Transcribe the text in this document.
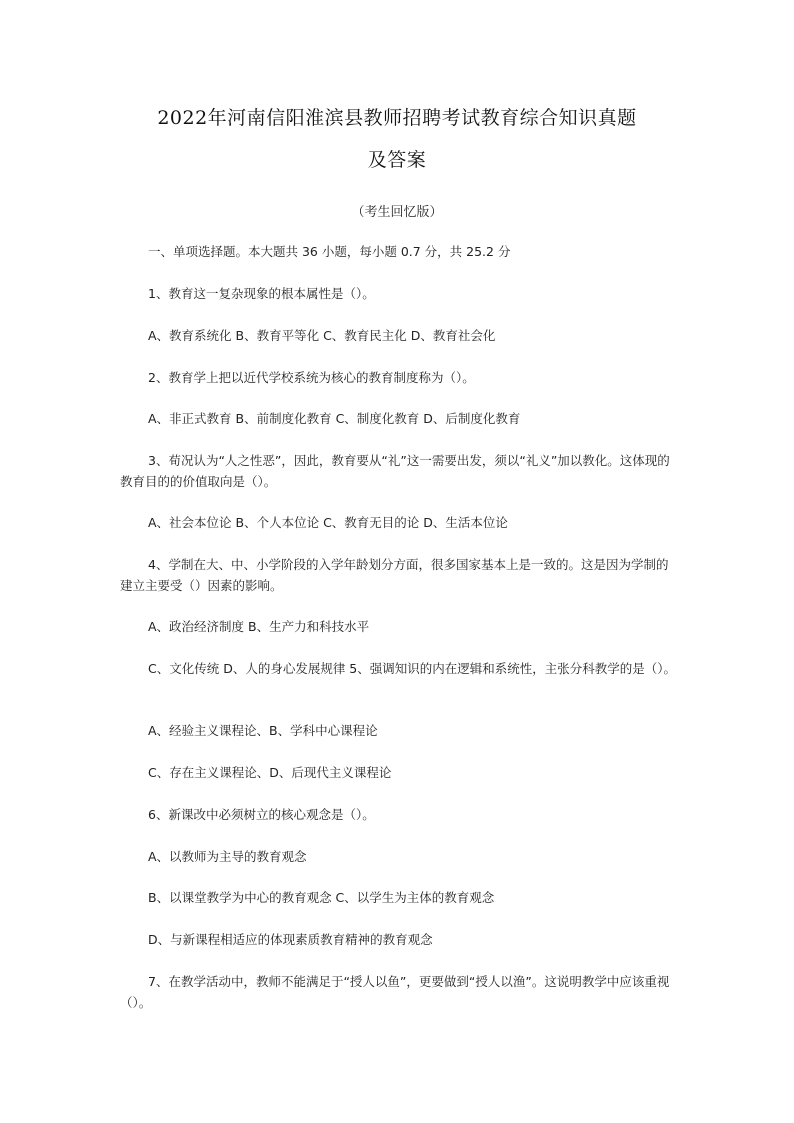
2022年河南信阳淮滨县教师招聘考试教育综合知识真题
及答案
（考生回忆版）
一、单项选择题。本大题共 36 小题，每小题 0.7 分，共 25.2 分
1、教育这一复杂现象的根本属性是（）。
A、教育系统化 B、教育平等化 C、教育民主化 D、教育社会化
2、教育学上把以近代学校系统为核心的教育制度称为（）。
A、非正式教育 B、前制度化教育 C、制度化教育 D、后制度化教育
3、荀况认为“人之性恶”，因此，教育要从“礼”这一需要出发，须以“礼义”加以教化。这体现的教育目的的价值取向是（）。
A、社会本位论 B、个人本位论 C、教育无目的论 D、生活本位论
4、学制在大、中、小学阶段的入学年龄划分方面，很多国家基本上是一致的。这是因为学制的建立主要受（）因素的影响。
A、政治经济制度 B、生产力和科技水平
C、文化传统 D、人的身心发展规律 5、强调知识的内在逻辑和系统性，主张分科教学的是（）。
A、经验主义课程论、B、学科中心课程论
C、存在主义课程论、D、后现代主义课程论
6、新课改中必须树立的核心观念是（）。
A、以教师为主导的教育观念
B、以课堂教学为中心的教育观念 C、以学生为主体的教育观念
D、与新课程相适应的体现素质教育精神的教育观念
7、在教学活动中，教师不能满足于“授人以鱼”，更要做到“授人以渔”。这说明教学中应该重视（）。
